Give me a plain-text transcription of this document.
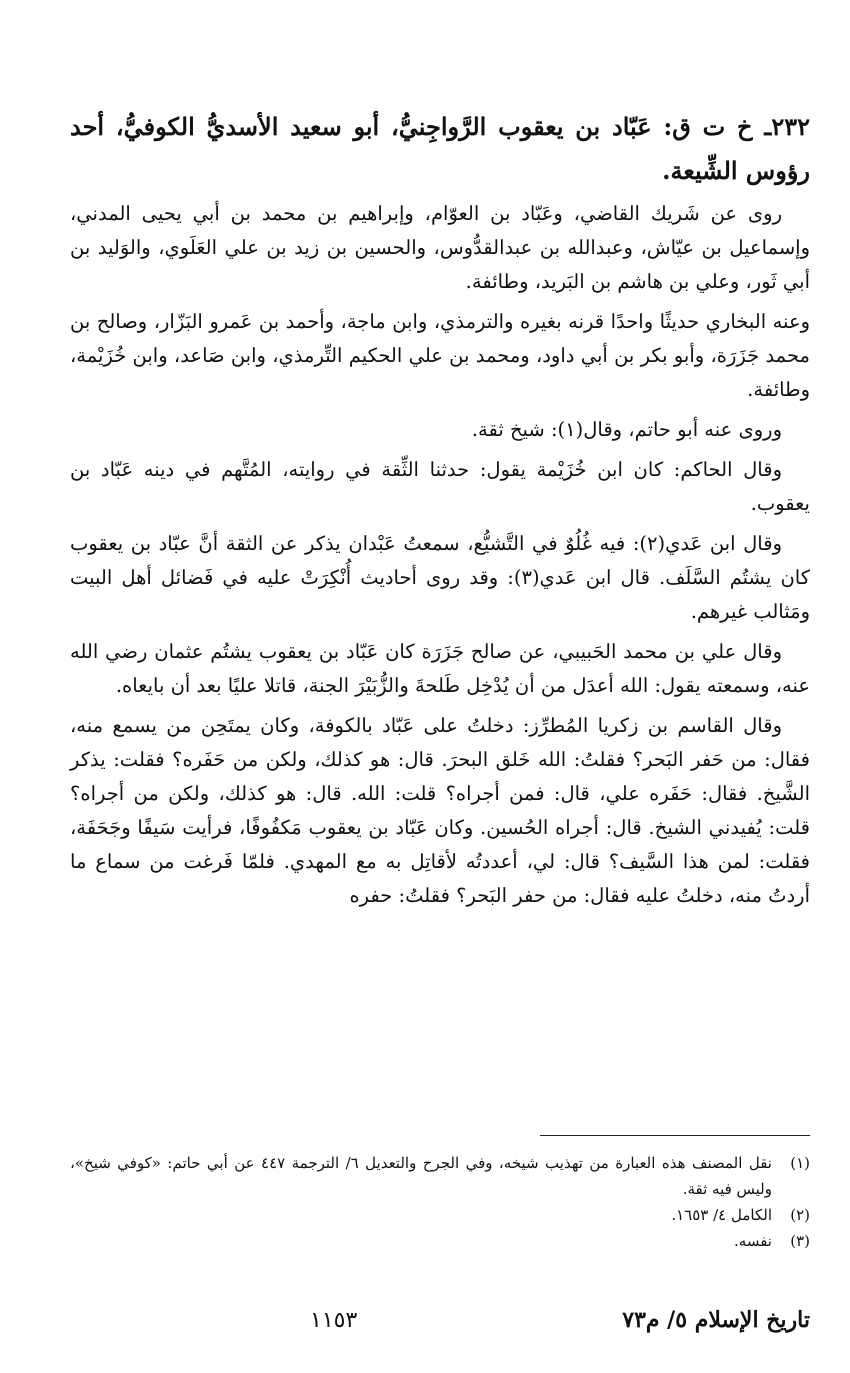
٢٣٢ـ خ ت ق: عَبّاد بن يعقوب الرَّواجِنيُّ، أبو سعيد الأسديُّ الكوفيُّ، أحد رؤوس الشِّيعة.

روى عن شَريك القاضي، وعَبّاد بن العوّام، وإبراهيم بن محمد بن أبي يحيى المدني، وإسماعيل بن عيّاش، وعبدالله بن عبدالقدُّوس، والحسين بن زيد بن علي العَلَوي، والوَليد بن أبي ثَور، وعلي بن هاشم بن البَريد، وطائفة.

وعنه البخاري حديثًا واحدًا قرنه بغيره والترمذي، وابن ماجة، وأحمد بن عَمرو البَزّار، وصالح بن محمد جَزَرَة، وأبو بكر بن أبي داود، ومحمد بن علي الحكيم التِّرمذي، وابن صَاعد، وابن خُزَيْمة، وطائفة.

وروى عنه أبو حاتم، وقال(١): شيخ ثقة.

وقال الحاكم: كان ابن خُزَيْمة يقول: حدثنا الثِّقة في روايته، المُتَّهم في دينه عَبّاد بن يعقوب.

وقال ابن عَدي(٢): فيه غُلُوٌ في التَّشيُّع، سمعتُ عَبْدان يذكر عن الثقة أنَّ عبّاد بن يعقوب كان يشتُم السَّلَف. قال ابن عَدي(٣): وقد روى أحاديث أُنْكِرَتْ عليه في فَضائل أهل البيت ومَثالب غيرهم.

وقال علي بن محمد الحَبيبي، عن صالح جَزَرَة كان عَبّاد بن يعقوب يشتُم عثمان رضي الله عنه، وسمعته يقول: الله أعدَل من أن يُدْخِل طَلحةَ والزُّبَيْرَ الجنة، قاتلا عليًا بعد أن بايعاه.

وقال القاسم بن زكريا المُطرِّز: دخلتُ على عَبّاد بالكوفة، وكان يمتَحِن من يسمع منه، فقال: من حَفر البَحر؟ فقلتُ: الله خَلق البحرَ. قال: هو كذلك، ولكن من حَفَره؟ فقلت: يذكر الشَّيخ. فقال: حَفَره علي، قال: فمن أجراه؟ قلت: الله. قال: هو كذلك، ولكن من أجراه؟ قلت: يُفيدني الشيخ. قال: أجراه الحُسين. وكان عَبّاد بن يعقوب مَكفُوفًا، فرأيت سَيفًا وجَحَفَة، فقلت: لمن هذا السَّيف؟ قال: لي، أعددتُه لأقاتِل به مع المهدي. فلمّا فَرغت من سماع ما أردتُ منه، دخلتُ عليه فقال: من حفر البَحر؟ فقلتُ: حفره

(١)
نقل المصنف هذه العبارة من تهذيب شيخه، وفي الجرح والتعديل ٦/ الترجمة ٤٤٧ عن أبي حاتم: «كوفي شيخ»، وليس فيه ثقة.
(٢)
الكامل ٤/ ١٦٥٣.
(٣)
نفسه.
تاريخ الإسلام ٥/ م٧٣
١١٥٣
